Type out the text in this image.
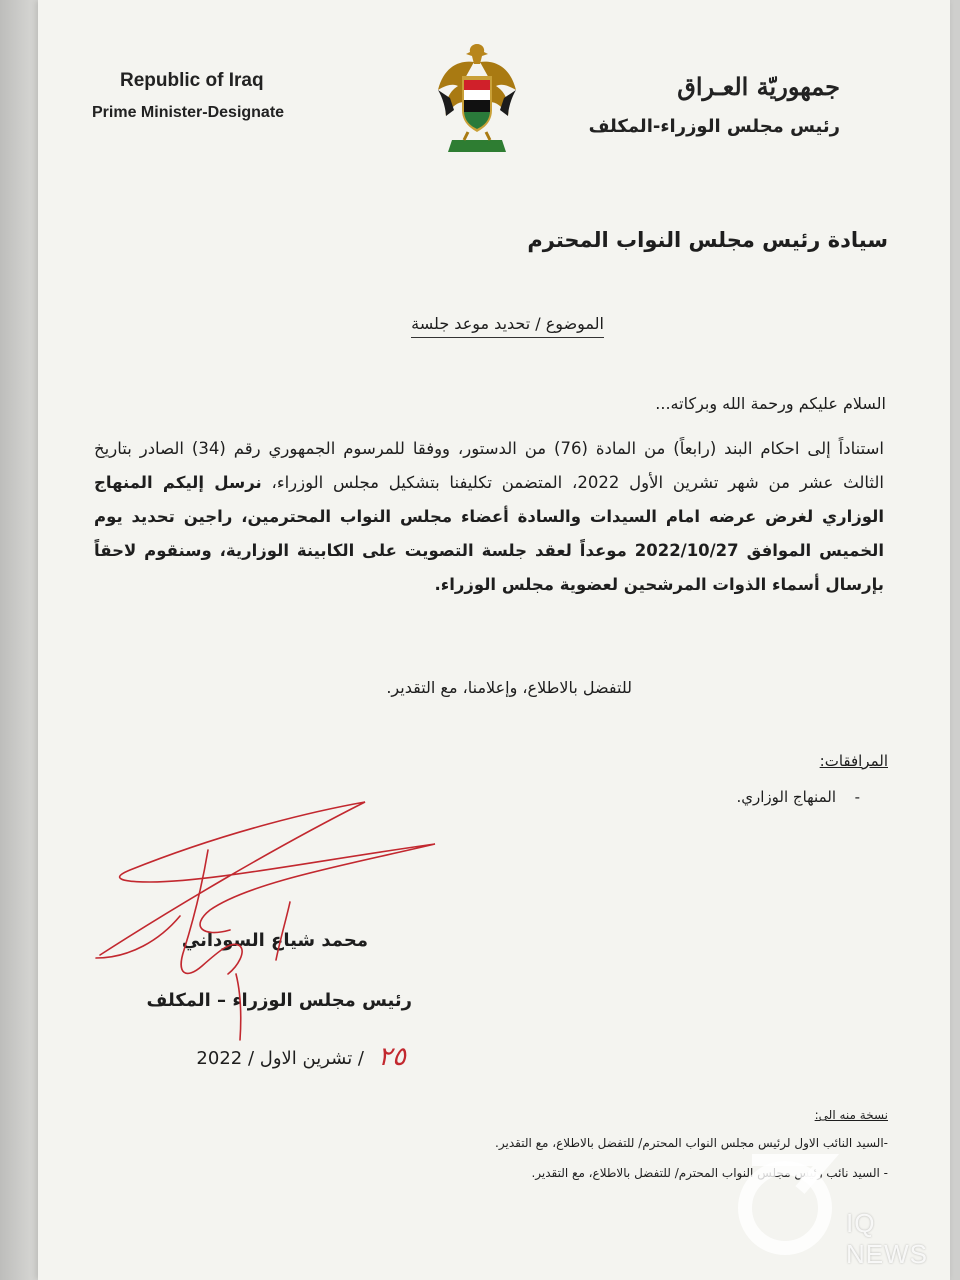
Republic of Iraq
Prime Minister-Designate
جمهوريّة العـراق
رئيس مجلس الوزراء-المكلف
سيادة رئيس مجلس النواب المحترم
الموضوع / تحديد موعد جلسة
السلام عليكم ورحمة الله وبركاته...
استناداً إلى احكام البند (رابعاً) من المادة (76) من الدستور، ووفقا للمرسوم الجمهوري رقم (34) الصادر بتاريخ الثالث عشر من شهر تشرين الأول 2022، المتضمن تكليفنا بتشكيل مجلس الوزراء، نرسل إليكم المنهاج الوزاري لغرض عرضه امام السيدات والسادة أعضاء مجلس النواب المحترمين، راجين تحديد يوم الخميس الموافق 2022/10/27 موعداً لعقد جلسة التصويت على الكابينة الوزارية، وسنقوم لاحقاً بإرسال أسماء الذوات المرشحين لعضوية مجلس الوزراء.
للتفضل بالاطلاع، وإعلامنا، مع التقدير.
المرافقات:
-
المنهاج الوزاري.
محمد شياع السوداني
رئيس مجلس الوزراء – المكلف
/ تشرين الاول / 2022 ٢٥
نسخة منه الى:
-السيد النائب الاول لرئيس مجلس النواب المحترم/ للتفضل بالاطلاع، مع التقدير.
- السيد نائب رئيس مجلس النواب المحترم/ للتفضل بالاطلاع، مع التقدير.
IQ NEWS
